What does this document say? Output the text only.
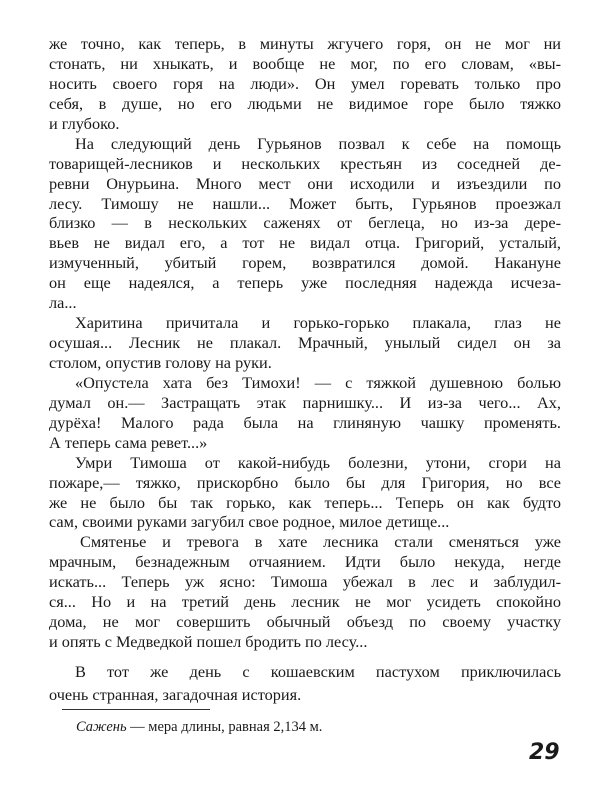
же точно, как теперь, в минуты жгучего горя, он не мог ни
стонать, ни хныкать, и вообще не мог, по его словам, «вы-
носить своего горя на люди». Он умел горевать только про
себя, в душе, но его людьми не видимое горе было тяжко
и глубоко.
На следующий день Гурьянов позвал к себе на помощь
товарищей-лесников и нескольких крестьян из соседней де-
ревни Онурьина. Много мест они исходили и изъездили по
лесу. Тимошу не нашли... Может быть, Гурьянов проезжал
близко — в нескольких саженях от беглеца, но из-за дере-
вьев не видал его, а тот не видал отца. Григорий, усталый,
измученный, убитый горем, возвратился домой. Накануне
он еще надеялся, а теперь уже последняя надежда исчеза-
ла...
Харитина причитала и горько-горько плакала, глаз не
осушая... Лесник не плакал. Мрачный, унылый сидел он за
столом, опустив голову на руки.
«Опустела хата без Тимохи! — с тяжкой душевною болью
думал он.— Застращать этак парнишку... И из-за чего... Ах,
дурёха! Малого рада была на глиняную чашку променять.
А теперь сама ревет...»
Умри Тимоша от какой-нибудь болезни, утони, сгори на
пожаре,— тяжко, прискорбно было бы для Григория, но все
же не было бы так горько, как теперь... Теперь он как будто
сам, своими руками загубил свое родное, милое детище...
Смятенье и тревога в хате лесника стали сменяться уже
мрачным, безнадежным отчаянием. Идти было некуда, негде
искать... Теперь уж ясно: Тимоша убежал в лес и заблудил-
ся... Но и на третий день лесник не мог усидеть спокойно
дома, не мог совершить обычный объезд по своему участку
и опять с Медведкой пошел бродить по лесу...
В тот же день с кошаевским пастухом приключилась
очень странная, загадочная история.
Сажень — мера длины, равная 2,134 м.
29
